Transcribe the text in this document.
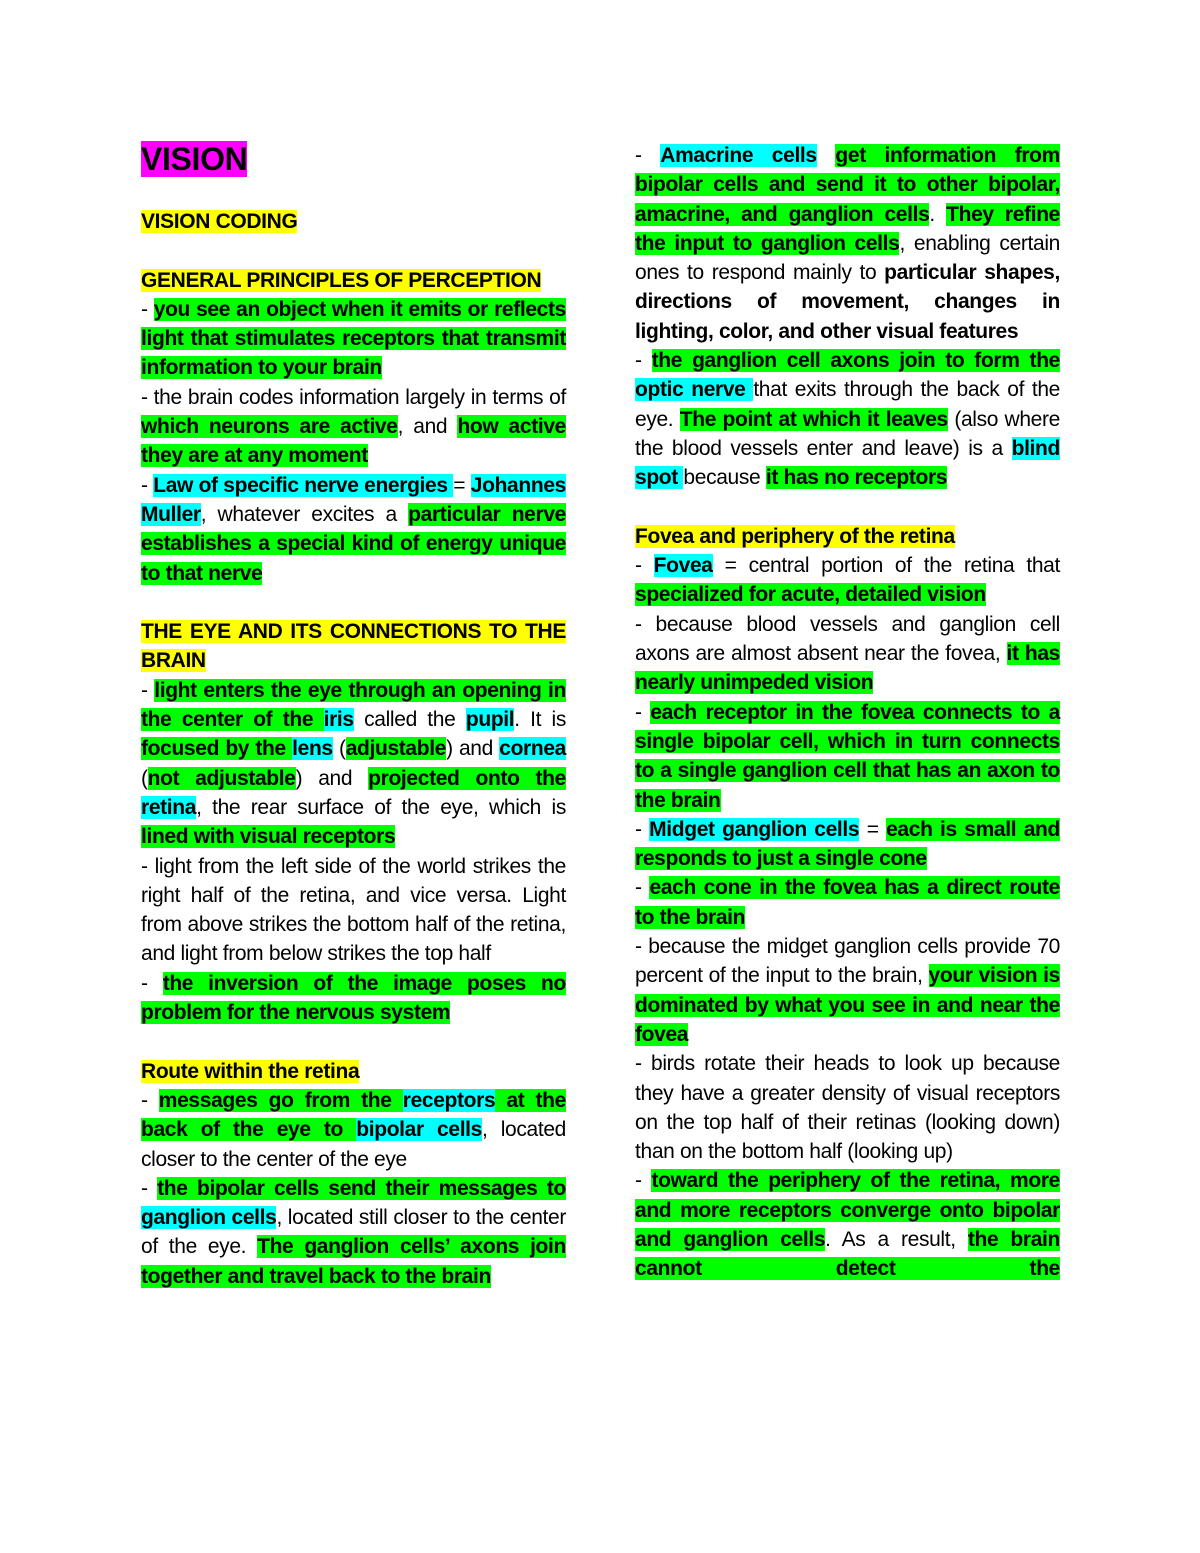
VISION
VISION CODING
GENERAL PRINCIPLES OF PERCEPTION
- you see an object when it emits or reflects light that stimulates receptors that transmit information to your brain
- the brain codes information largely in terms of which neurons are active, and how active they are at any moment
- Law of specific nerve energies = Johannes Muller, whatever excites a particular nerve establishes a special kind of energy unique to that nerve
THE EYE AND ITS CONNECTIONS TO THE BRAIN
- light enters the eye through an opening in the center of the iris called the pupil. It is focused by the lens (adjustable) and cornea (not adjustable) and projected onto the retina, the rear surface of the eye, which is lined with visual receptors
- light from the left side of the world strikes the right half of the retina, and vice versa. Light from above strikes the bottom half of the retina, and light from below strikes the top half
- the inversion of the image poses no problem for the nervous system
Route within the retina
- messages go from the receptors at the back of the eye to bipolar cells, located closer to the center of the eye
- the bipolar cells send their messages to ganglion cells, located still closer to the center of the eye. The ganglion cells’ axons join together and travel back to the brain
- Amacrine cells get information from bipolar cells and send it to other bipolar, amacrine, and ganglion cells. They refine the input to ganglion cells, enabling certain ones to respond mainly to particular shapes, directions of movement, changes in lighting, color, and other visual features
- the ganglion cell axons join to form the optic nerve that exits through the back of the eye. The point at which it leaves (also where the blood vessels enter and leave) is a blind spot because it has no receptors
Fovea and periphery of the retina
- Fovea = central portion of the retina that specialized for acute, detailed vision
- because blood vessels and ganglion cell axons are almost absent near the fovea, it has nearly unimpeded vision
- each receptor in the fovea connects to a single bipolar cell, which in turn connects to a single ganglion cell that has an axon to the brain
- Midget ganglion cells = each is small and responds to just a single cone
- each cone in the fovea has a direct route to the brain
- because the midget ganglion cells provide 70 percent of the input to the brain, your vision is dominated by what you see in and near the fovea
- birds rotate their heads to look up because they have a greater density of visual receptors on the top half of their retinas (looking down) than on the bottom half (looking up)
- toward the periphery of the retina, more and more receptors converge onto bipolar and ganglion cells. As a result, the brain cannot detect the
